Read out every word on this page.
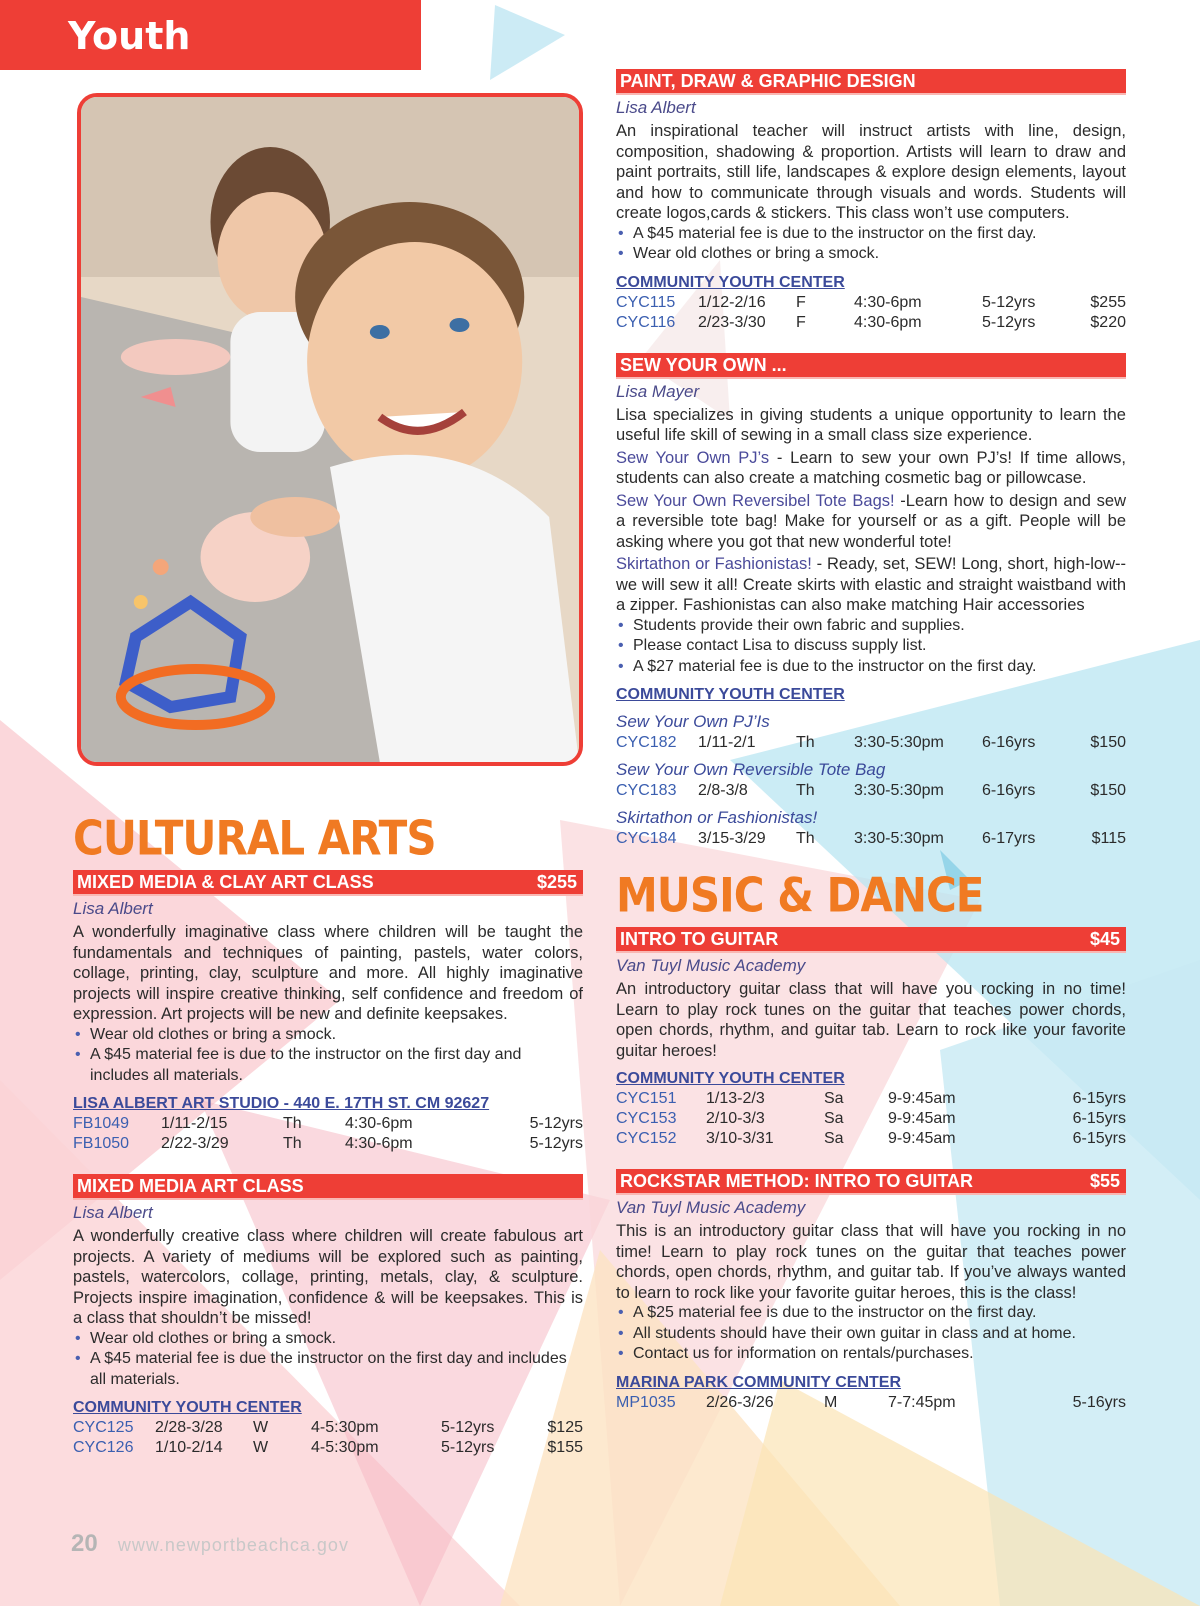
Youth
CULTURAL ARTS
MIXED MEDIA & CLAY ART CLASS	$255
Lisa Albert

A wonderfully imaginative class where children will be taught the fundamentals and techniques of painting, pastels, water colors, collage, printing, clay, sculpture and more. All highly imaginative projects will inspire creative thinking, self confidence and freedom of expression. Art projects will be new and definite keepsakes.

• Wear old clothes or bring a smock.
• A $45 material fee is due to the instructor on the first day and includes all materials.
LISA ALBERT ART STUDIO - 440 E. 17TH ST. CM 92627
FB1049	1/11-2/15	Th	4:30-6pm	5-12yrs
FB1050	2/22-3/29	Th	4:30-6pm	5-12yrs
MIXED MEDIA ART CLASS
Lisa Albert

A wonderfully creative class where children will create fabulous art projects. A variety of mediums will be explored such as painting, pastels, watercolors, collage, printing, metals, clay, & sculpture. Projects inspire imagination, confidence & will be keepsakes. This is a class that shouldn’t be missed!

• Wear old clothes or bring a smock.
• A $45 material fee is due the instructor on the first day and includes all materials.
COMMUNITY YOUTH CENTER
CYC125	2/28-3/28	W	4-5:30pm	5-12yrs	$125
CYC126	1/10-2/14	W	4-5:30pm	5-12yrs	$155
PAINT, DRAW & GRAPHIC DESIGN
Lisa Albert

An inspirational teacher will instruct artists with line, design, composition, shadowing & proportion. Artists will learn to draw and paint portraits, still life, landscapes & explore design elements, layout and how to communicate through visuals and words. Students will create logos,cards & stickers. This class won’t use computers.

• A $45 material fee is due to the instructor on the first day.
• Wear old clothes or bring a smock.
COMMUNITY YOUTH CENTER
CYC115	1/12-2/16	F	4:30-6pm	5-12yrs	$255
CYC116	2/23-3/30	F	4:30-6pm	5-12yrs	$220
SEW YOUR OWN ...
Lisa Mayer

Lisa specializes in giving students a unique opportunity to learn the useful life skill of sewing in a small class size experience.

Sew Your Own PJ’s - Learn to sew your own PJ’s! If time allows, students can also create a matching cosmetic bag or pillowcase.

Sew Your Own Reversibel Tote Bags! -Learn how to design and sew a reversible tote bag! Make for yourself or as a gift. People will be asking where you got that new wonderful tote!

Skirtathon or Fashionistas! - Ready, set, SEW! Long, short, high-low-- we will sew it all! Create skirts with elastic and straight waistband with a zipper. Fashionistas can also make matching Hair accessories

• Students provide their own fabric and supplies.
• Please contact Lisa to discuss supply list.
• A $27 material fee is due to the instructor on the first day.
COMMUNITY YOUTH CENTER
Sew Your Own PJ’Is
CYC182	1/11-2/1	Th	3:30-5:30pm	6-16yrs	$150
Sew Your Own Reversible Tote Bag
CYC183	2/8-3/8	Th	3:30-5:30pm	6-16yrs	$150
Skirtathon or Fashionistas!
CYC184	3/15-3/29	Th	3:30-5:30pm	6-17yrs	$115
MUSIC & DANCE
INTRO TO GUITAR	$45
Van Tuyl Music Academy

An introductory guitar class that will have you rocking in no time! Learn to play rock tunes on the guitar that teaches power chords, open chords, rhythm, and guitar tab. Learn to rock like your favorite guitar heroes!

COMMUNITY YOUTH CENTER
CYC151	1/13-2/3	Sa	9-9:45am	6-15yrs
CYC153	2/10-3/3	Sa	9-9:45am	6-15yrs
CYC152	3/10-3/31	Sa	9-9:45am	6-15yrs
ROCKSTAR METHOD: INTRO TO GUITAR	$55
Van Tuyl Music Academy

This is an introductory guitar class that will have you rocking in no time! Learn to play rock tunes on the guitar that teaches power chords, open chords, rhythm, and guitar tab. If you’ve always wanted to learn to rock like your favorite guitar heroes, this is the class!

• A $25 material fee is due to the instructor on the first day.
• All students should have their own guitar in class and at home.
• Contact us for information on rentals/purchases.
MARINA PARK COMMUNITY CENTER
MP1035	2/26-3/26	M	7-7:45pm	5-16yrs
20 www.newportbeachca.gov
